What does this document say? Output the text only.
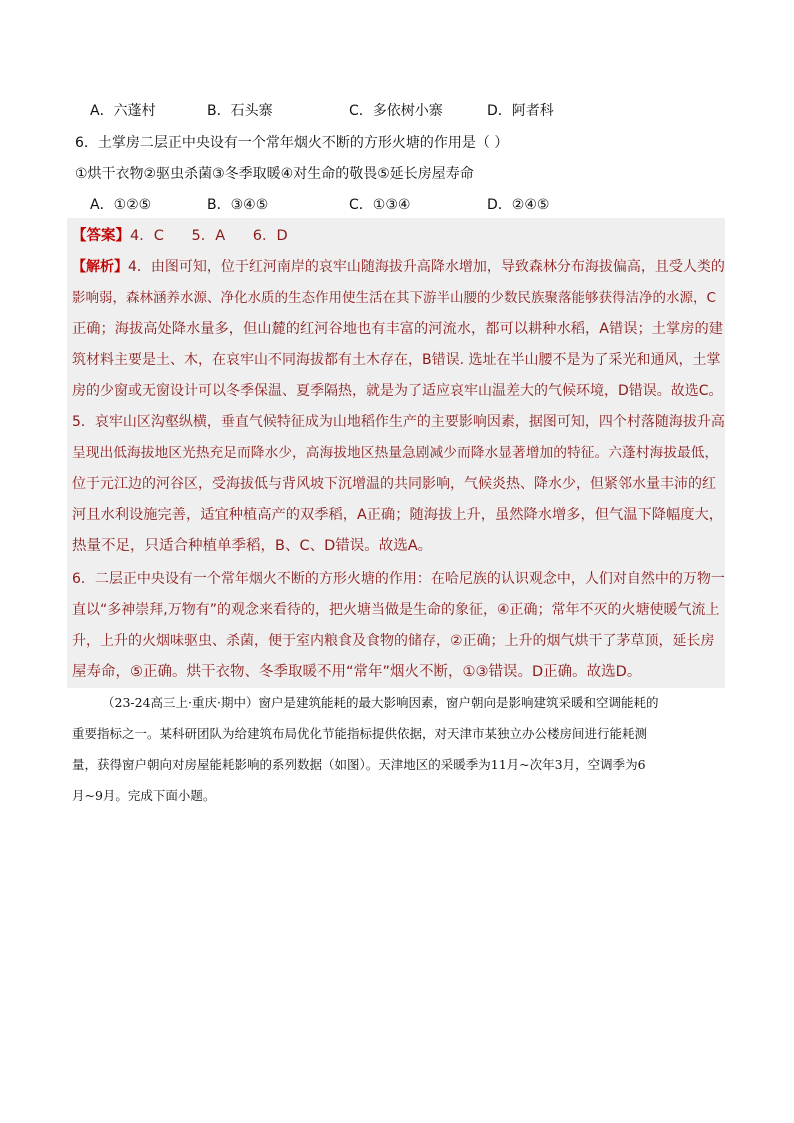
A．六蓬村	B．石头寨	C．多依树小寨	D．阿者科
6．土掌房二层正中央设有一个常年烟火不断的方形火塘的作用是（ ）
①烘干衣物②驱虫杀菌③冬季取暖④对生命的敬畏⑤延长房屋寿命
A．①②⑤	B．③④⑤	C．①③④	D．②④⑤
【答案】4．C      5．A      6．D
【解析】4．由图可知，位于红河南岸的哀牢山随海拔升高降水增加，导致森林分布海拔偏高，且受人类的
影响弱，森林涵养水源、净化水质的生态作用使生活在其下游半山腰的少数民族聚落能够获得洁净的水源，C
正确；海拔高处降水量多，但山麓的红河谷地也有丰富的河流水，都可以耕种水稻，A错误；土掌房的建
筑材料主要是土、木，在哀牢山不同海拔都有土木存在，B错误. 选址在半山腰不是为了采光和通风，土掌
房的少窗或无窗设计可以冬季保温、夏季隔热，就是为了适应哀牢山温差大的气候环境，D错误。故选C。
5．哀牢山区沟壑纵横，垂直气候特征成为山地稻作生产的主要影响因素，据图可知，四个村落随海拔升高
呈现出低海拔地区光热充足而降水少，高海拔地区热量急剧减少而降水显著增加的特征。六蓬村海拔最低，
位于元江边的河谷区，受海拔低与背风坡下沉增温的共同影响，气候炎热、降水少，但紧邻水量丰沛的红
河且水利设施完善，适宜种植高产的双季稻，A正确；随海拔上升，虽然降水增多，但气温下降幅度大，
热量不足，只适合种植单季稻，B、C、D错误。故选A。
6．二层正中央设有一个常年烟火不断的方形火塘的作用：在哈尼族的认识观念中，人们对自然中的万物一
直以“多神崇拜,万物有”的观念来看待的，把火塘当做是生命的象征，④正确；常年不灭的火塘使暖气流上
升，上升的火烟味驱虫、杀菌，便于室内粮食及食物的储存，②正确；上升的烟气烘干了茅草顶，延长房
屋寿命，⑤正确。烘干衣物、冬季取暖不用“常年”烟火不断，①③错误。D正确。故选D。
（23-24高三上·重庆·期中）窗户是建筑能耗的最大影响因素，窗户朝向是影响建筑采暖和空调能耗的
重要指标之一。某科研团队为给建筑布局优化节能指标提供依据，对天津市某独立办公楼房间进行能耗测
量，获得窗户朝向对房屋能耗影响的系列数据（如图）。天津地区的采暖季为11月~次年3月，空调季为6
月~9月。完成下面小题。
